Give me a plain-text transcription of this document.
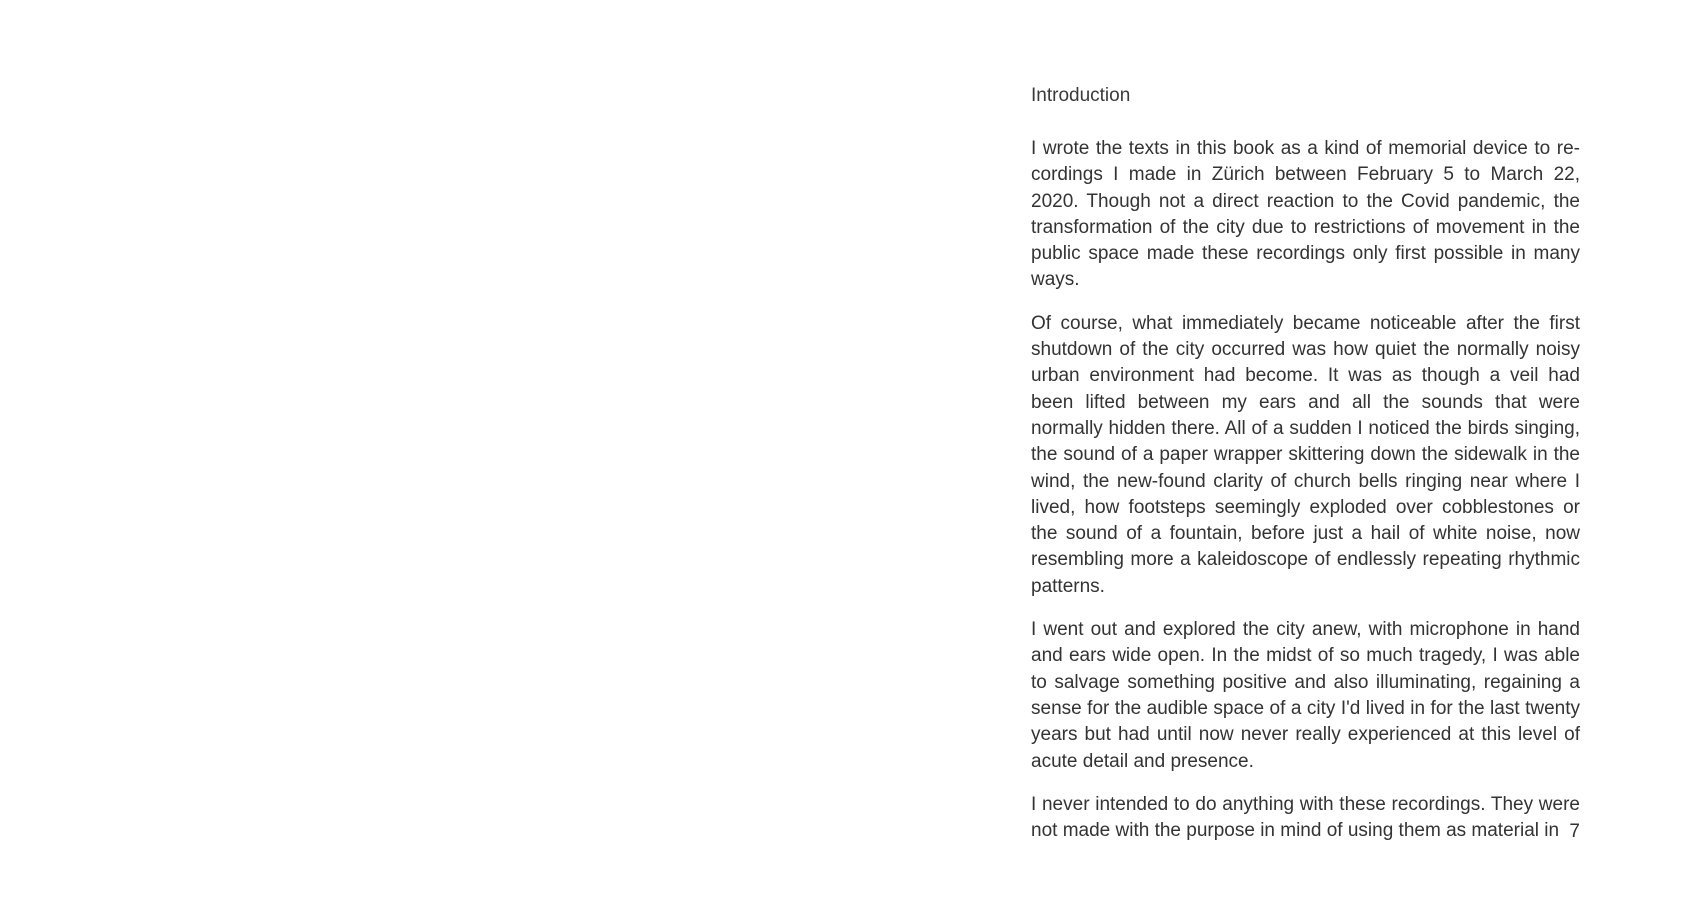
Introduction

I wrote the texts in this book as a kind of memorial device to recordings I made in Zürich between February 5 to March 22, 2020. Though not a direct reaction to the Covid pandemic, the transformation of the city due to restrictions of movement in the public space made these recordings only first possible in many ways.

Of course, what immediately became noticeable after the first shutdown of the city occurred was how quiet the normally noisy urban environment had become. It was as though a veil had been lifted between my ears and all the sounds that were normally hidden there. All of a sudden I noticed the birds singing, the sound of a paper wrapper skittering down the sidewalk in the wind, the new-found clarity of church bells ringing near where I lived, how footsteps seemingly exploded over cobblestones or the sound of a fountain, before just a hail of white noise, now resembling more a kaleidoscope of endlessly repeating rhythmic patterns.

I went out and explored the city anew, with microphone in hand and ears wide open. In the midst of so much tragedy, I was able to salvage something positive and also illuminating, regaining a sense for the audible space of a city I'd lived in for the last twenty years but had until now never really experienced at this level of acute detail and presence.

I never intended to do anything with these recordings. They were not made with the purpose in mind of using them as material in 7
